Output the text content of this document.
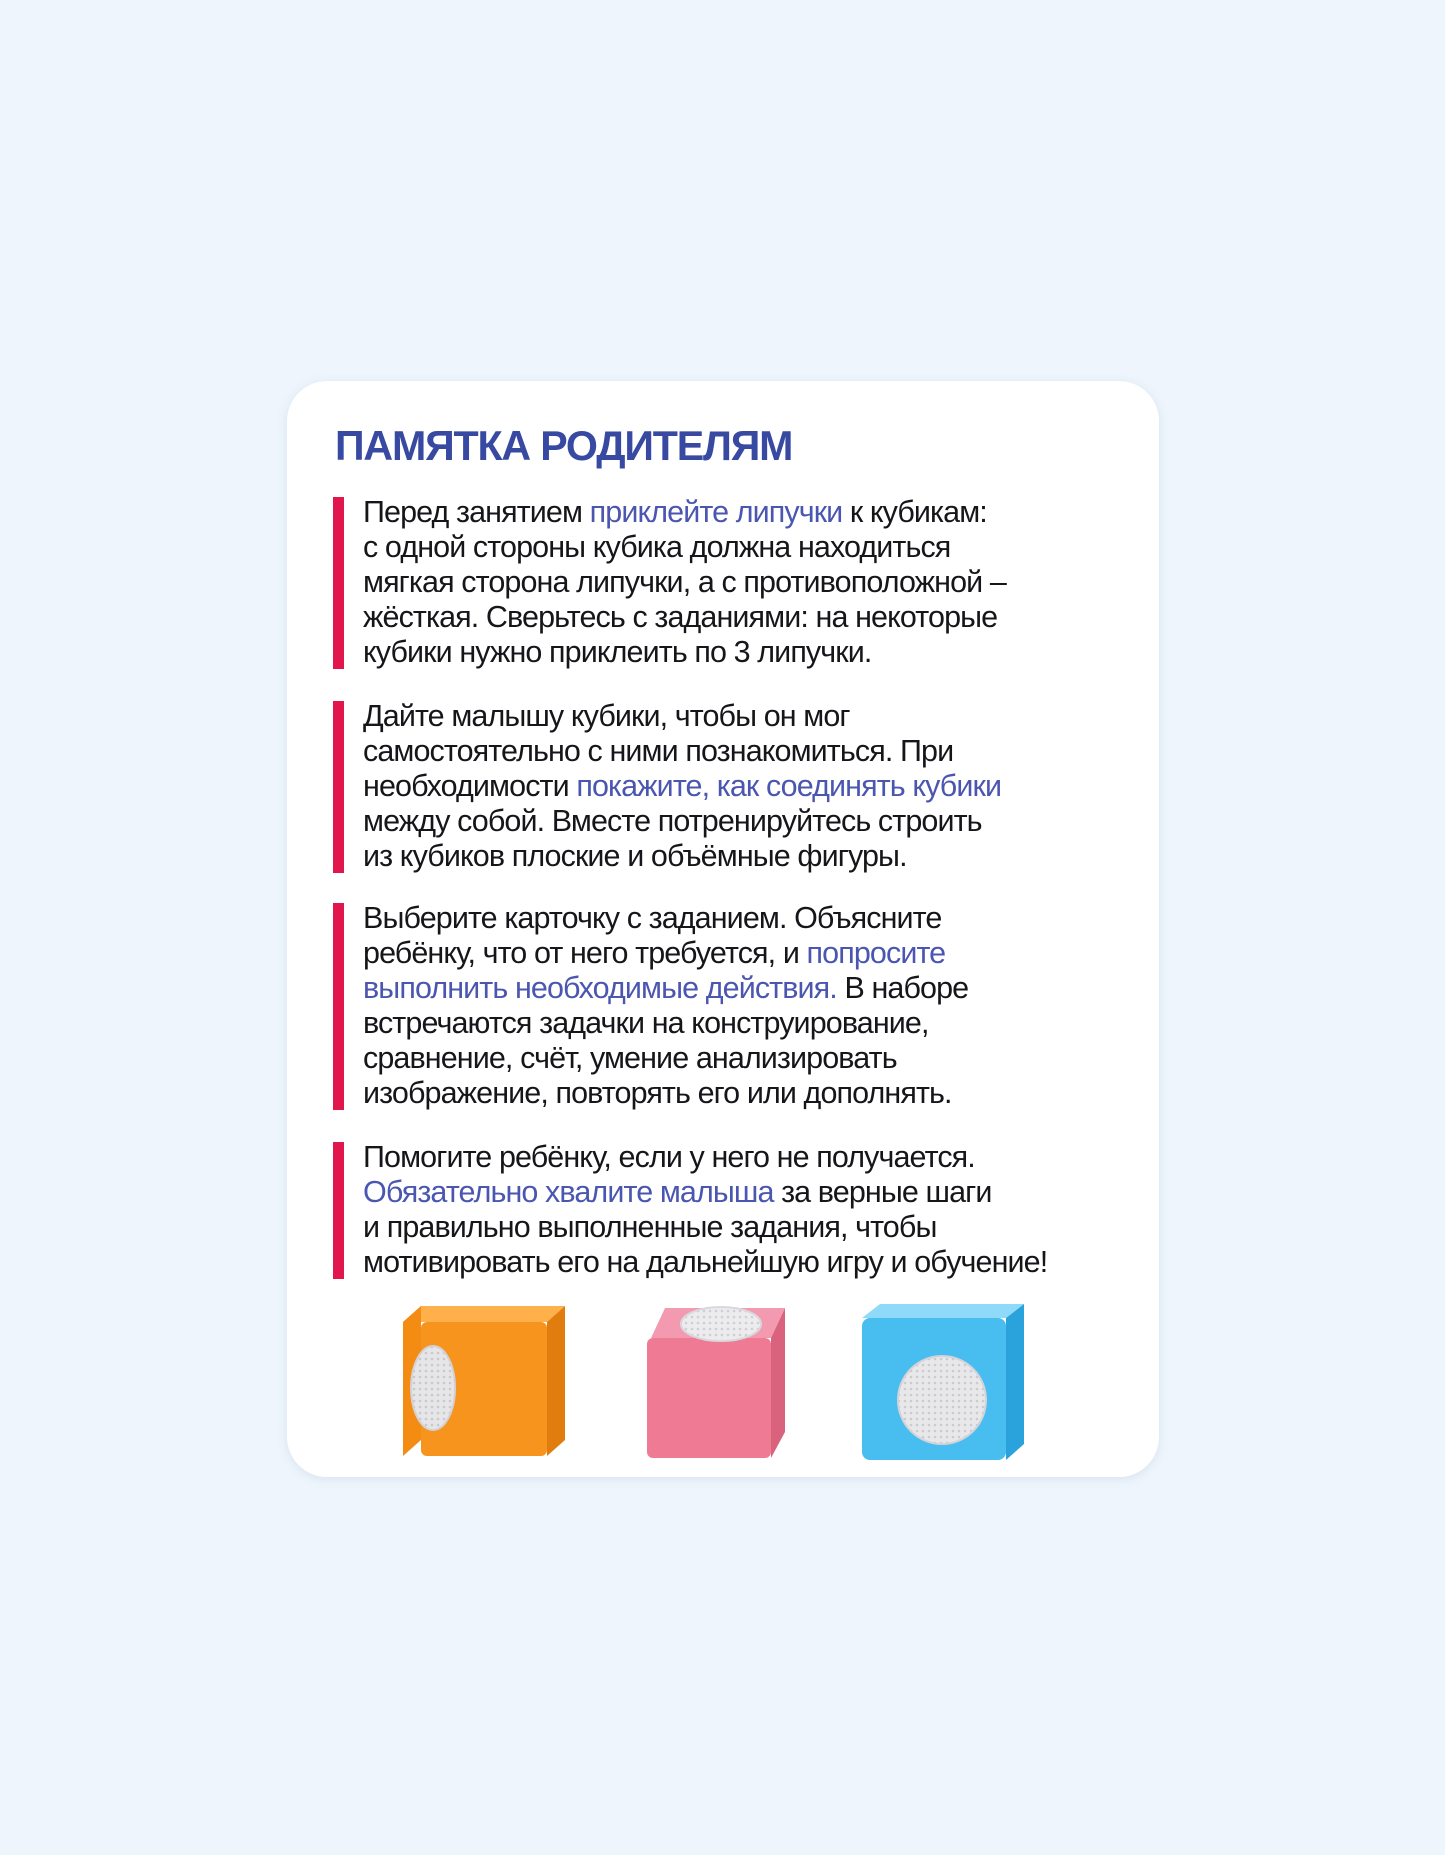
ПАМЯТКА РОДИТЕЛЯМ
Перед занятием приклейте липучки к кубикам:
с одной стороны кубика должна находиться
мягкая сторона липучки, а с противоположной –
жёсткая. Сверьтесь с заданиями: на некоторые
кубики нужно приклеить по 3 липучки.
Дайте малышу кубики, чтобы он мог
самостоятельно с ними познакомиться. При
необходимости покажите, как соединять кубики
между собой. Вместе потренируйтесь строить
из кубиков плоские и объёмные фигуры.
Выберите карточку с заданием. Объясните
ребёнку, что от него требуется, и попросите
выполнить необходимые действия. В наборе
встречаются задачки на конструирование,
сравнение, счёт, умение анализировать
изображение, повторять его или дополнять.
Помогите ребёнку, если у него не получается.
Обязательно хвалите малыша за верные шаги
и правильно выполненные задания, чтобы
мотивировать его на дальнейшую игру и обучение!
